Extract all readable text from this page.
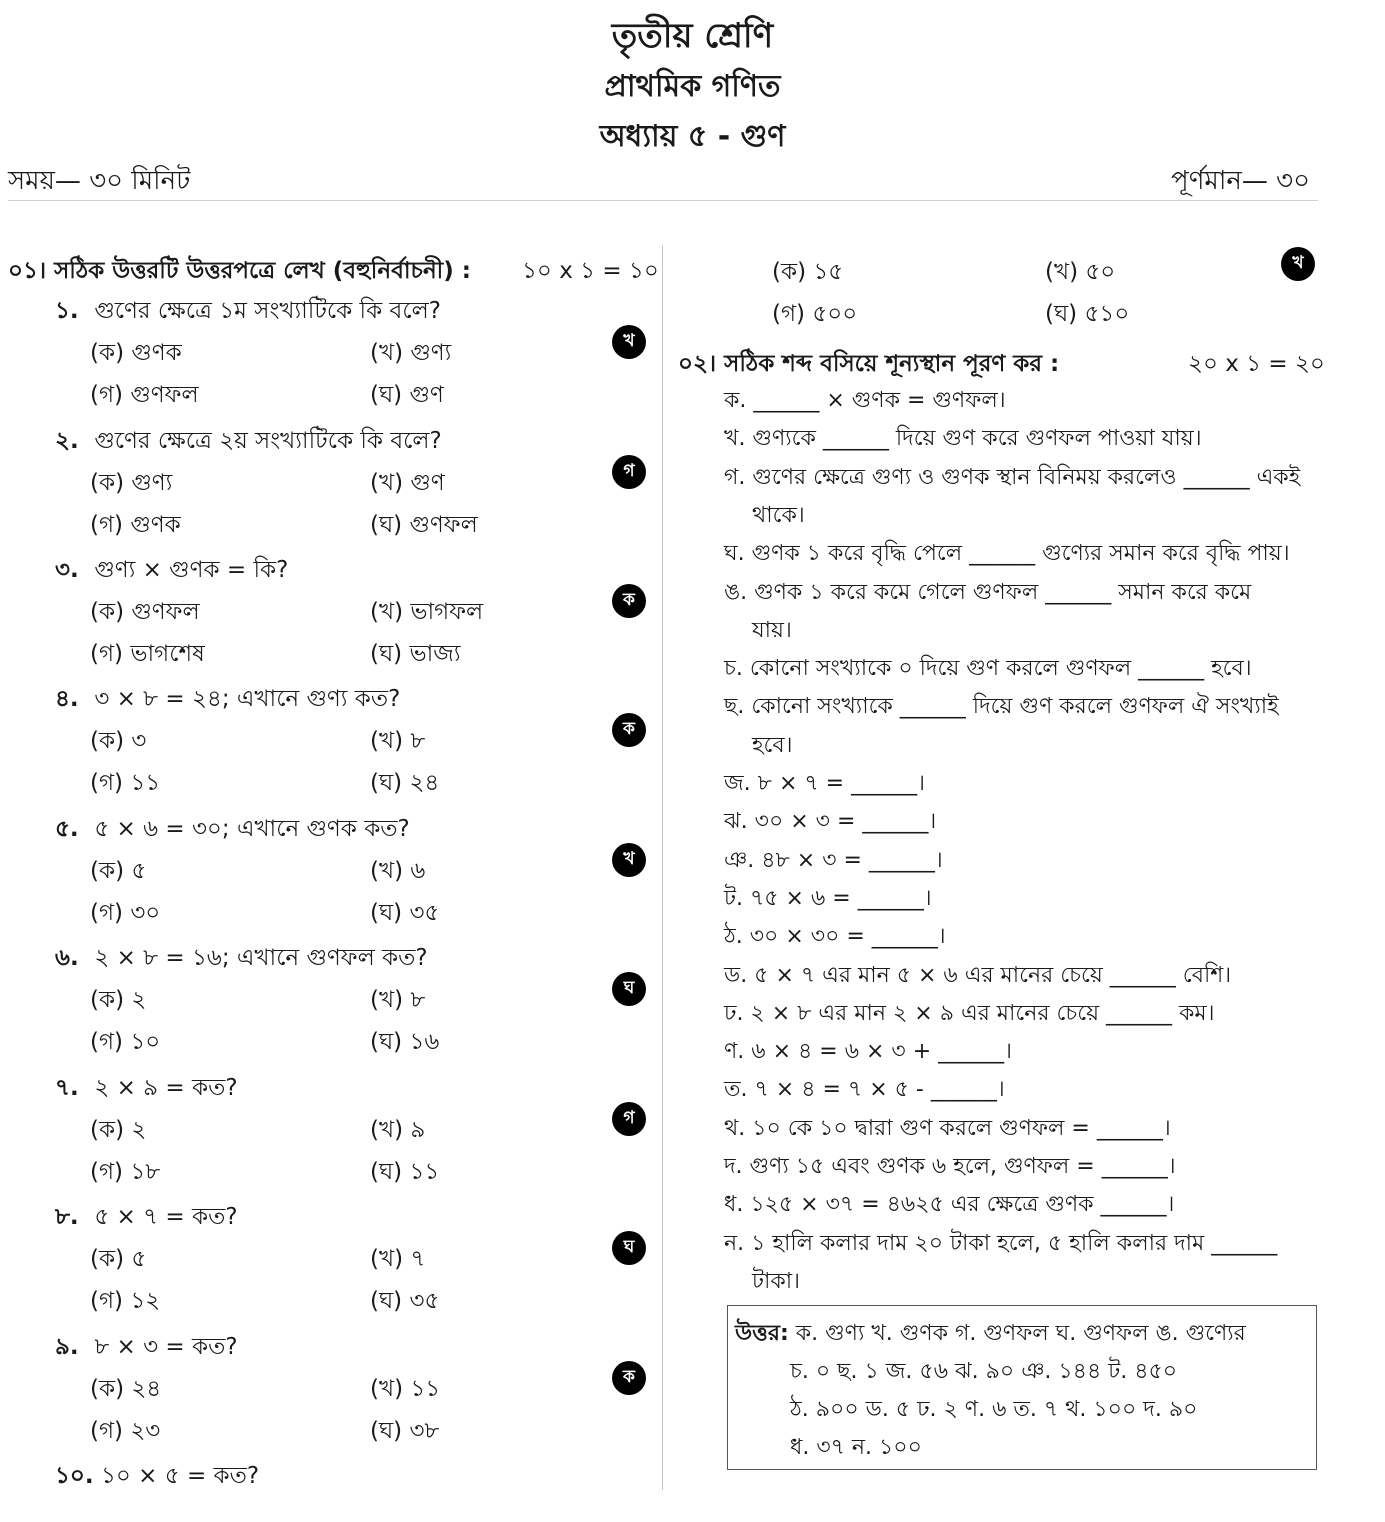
তৃতীয় শ্রেণি
প্রাথমিক গণিত
অধ্যায় ৫ - গুণ
সময়— ৩০ মিনিট	পূর্ণমান— ৩০
০১। সঠিক উত্তরটি উত্তরপত্রে লেখ (বহুনির্বাচনী) : ১০ x ১ = ১০
১. গুণের ক্ষেত্রে ১ম সংখ্যাটিকে কি বলে?
(ক) গুণক	(খ) গুণ্য
(গ) গুণফল	(ঘ) গুণ
খ
২. গুণের ক্ষেত্রে ২য় সংখ্যাটিকে কি বলে?
(ক) গুণ্য	(খ) গুণ
(গ) গুণক	(ঘ) গুণফল
গ
৩. গুণ্য × গুণক = কি?
(ক) গুণফল	(খ) ভাগফল
(গ) ভাগশেষ	(ঘ) ভাজ্য
ক
৪. ৩ × ৮ = ২৪; এখানে গুণ্য কত?
(ক) ৩	(খ) ৮
(গ) ১১	(ঘ) ২৪
ক
৫. ৫ × ৬ = ৩০; এখানে গুণক কত?
(ক) ৫	(খ) ৬
(গ) ৩০	(ঘ) ৩৫
খ
৬. ২ × ৮ = ১৬; এখানে গুণফল কত?
(ক) ২	(খ) ৮
(গ) ১০	(ঘ) ১৬
ঘ
৭. ২ × ৯ = কত?
(ক) ২	(খ) ৯
(গ) ১৮	(ঘ) ১১
গ
৮. ৫ × ৭ = কত?
(ক) ৫	(খ) ৭
(গ) ১২	(ঘ) ৩৫
ঘ
৯. ৮ × ৩ = কত?
(ক) ২৪	(খ) ১১
(গ) ২৩	(ঘ) ৩৮
ক
১০. ১০ × ৫ = কত?
(ক) ১৫	(খ) ৫০
(গ) ৫০০	(ঘ) ৫১০
খ
০২। সঠিক শব্দ বসিয়ে শূন্যস্থান পূরণ কর :	২০ x ১ = ২০
ক. ______ × গুণক = গুণফল।
খ. গুণ্যকে ______ দিয়ে গুণ করে গুণফল পাওয়া যায়।
গ. গুণের ক্ষেত্রে গুণ্য ও গুণক স্থান বিনিময় করলেও ______ একই
থাকে।
ঘ. গুণক ১ করে বৃদ্ধি পেলে ______ গুণ্যের সমান করে বৃদ্ধি পায়।
ঙ. গুণক ১ করে কমে গেলে গুণফল ______ সমান করে কমে
যায়।
চ. কোনো সংখ্যাকে ০ দিয়ে গুণ করলে গুণফল ______ হবে।
ছ. কোনো সংখ্যাকে ______ দিয়ে গুণ করলে গুণফল ঐ সংখ্যাই
হবে।
জ. ৮ × ৭ = ______।
ঝ. ৩০ × ৩ = ______।
ঞ. ৪৮ × ৩ = ______।
ট. ৭৫ × ৬ = ______।
ঠ. ৩০ × ৩০ = ______।
ড. ৫ × ৭ এর মান ৫ × ৬ এর মানের চেয়ে ______ বেশি।
ঢ. ২ × ৮ এর মান ২ × ৯ এর মানের চেয়ে ______ কম।
ণ. ৬ × ৪ = ৬ × ৩ + ______।
ত. ৭ × ৪ = ৭ × ৫ - ______।
থ. ১০ কে ১০ দ্বারা গুণ করলে গুণফল = ______।
দ. গুণ্য ১৫ এবং গুণক ৬ হলে, গুণফল = ______।
ধ. ১২৫ × ৩৭ = ৪৬২৫ এর ক্ষেত্রে গুণক ______।
ন. ১ হালি কলার দাম ২০ টাকা হলে, ৫ হালি কলার দাম ______
টাকা।
উত্তর: ক. গুণ্য খ. গুণক গ. গুণফল ঘ. গুণফল ঙ. গুণ্যের
চ. ০ ছ. ১ জ. ৫৬ ঝ. ৯০ ঞ. ১৪৪ ট. ৪৫০
ঠ. ৯০০ ড. ৫ ঢ. ২ ণ. ৬ ত. ৭ থ. ১০০ দ. ৯০
ধ. ৩৭ ন. ১০০
